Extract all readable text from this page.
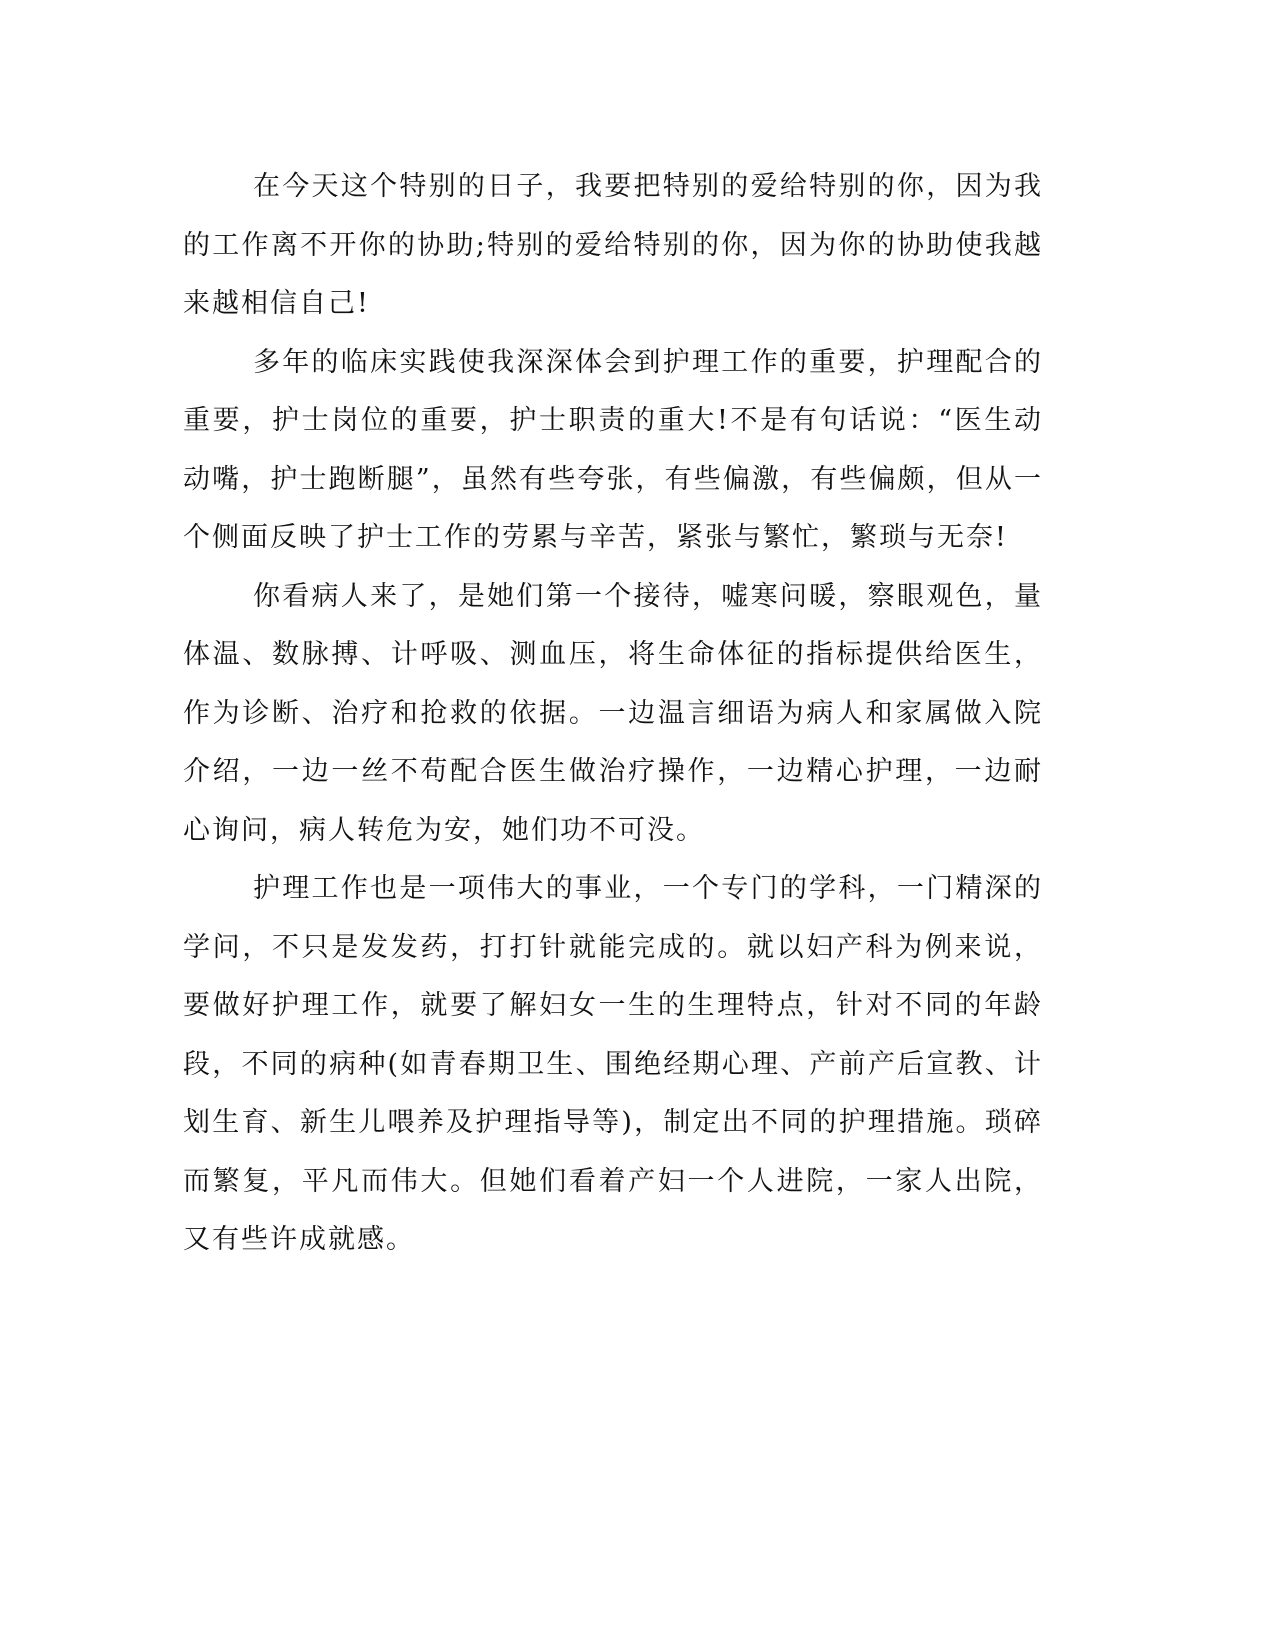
在今天这个特别的日子，我要把特别的爱给特别的你，因为我的工作离不开你的协助;特别的爱给特别的你，因为你的协助使我越来越相信自己!

多年的临床实践使我深深体会到护理工作的重要，护理配合的重要，护士岗位的重要，护士职责的重大!不是有句话说：“医生动动嘴，护士跑断腿”，虽然有些夸张，有些偏激，有些偏颇，但从一个侧面反映了护士工作的劳累与辛苦，紧张与繁忙，繁琐与无奈!

你看病人来了，是她们第一个接待，嘘寒问暖，察眼观色，量体温、数脉搏、计呼吸、测血压，将生命体征的指标提供给医生，作为诊断、治疗和抢救的依据。一边温言细语为病人和家属做入院介绍，一边一丝不苟配合医生做治疗操作，一边精心护理，一边耐心询问，病人转危为安，她们功不可没。

护理工作也是一项伟大的事业，一个专门的学科，一门精深的学问，不只是发发药，打打针就能完成的。就以妇产科为例来说，要做好护理工作，就要了解妇女一生的生理特点，针对不同的年龄段，不同的病种(如青春期卫生、围绝经期心理、产前产后宣教、计划生育、新生儿喂养及护理指导等)，制定出不同的护理措施。琐碎而繁复，平凡而伟大。但她们看着产妇一个人进院，一家人出院，又有些许成就感。
